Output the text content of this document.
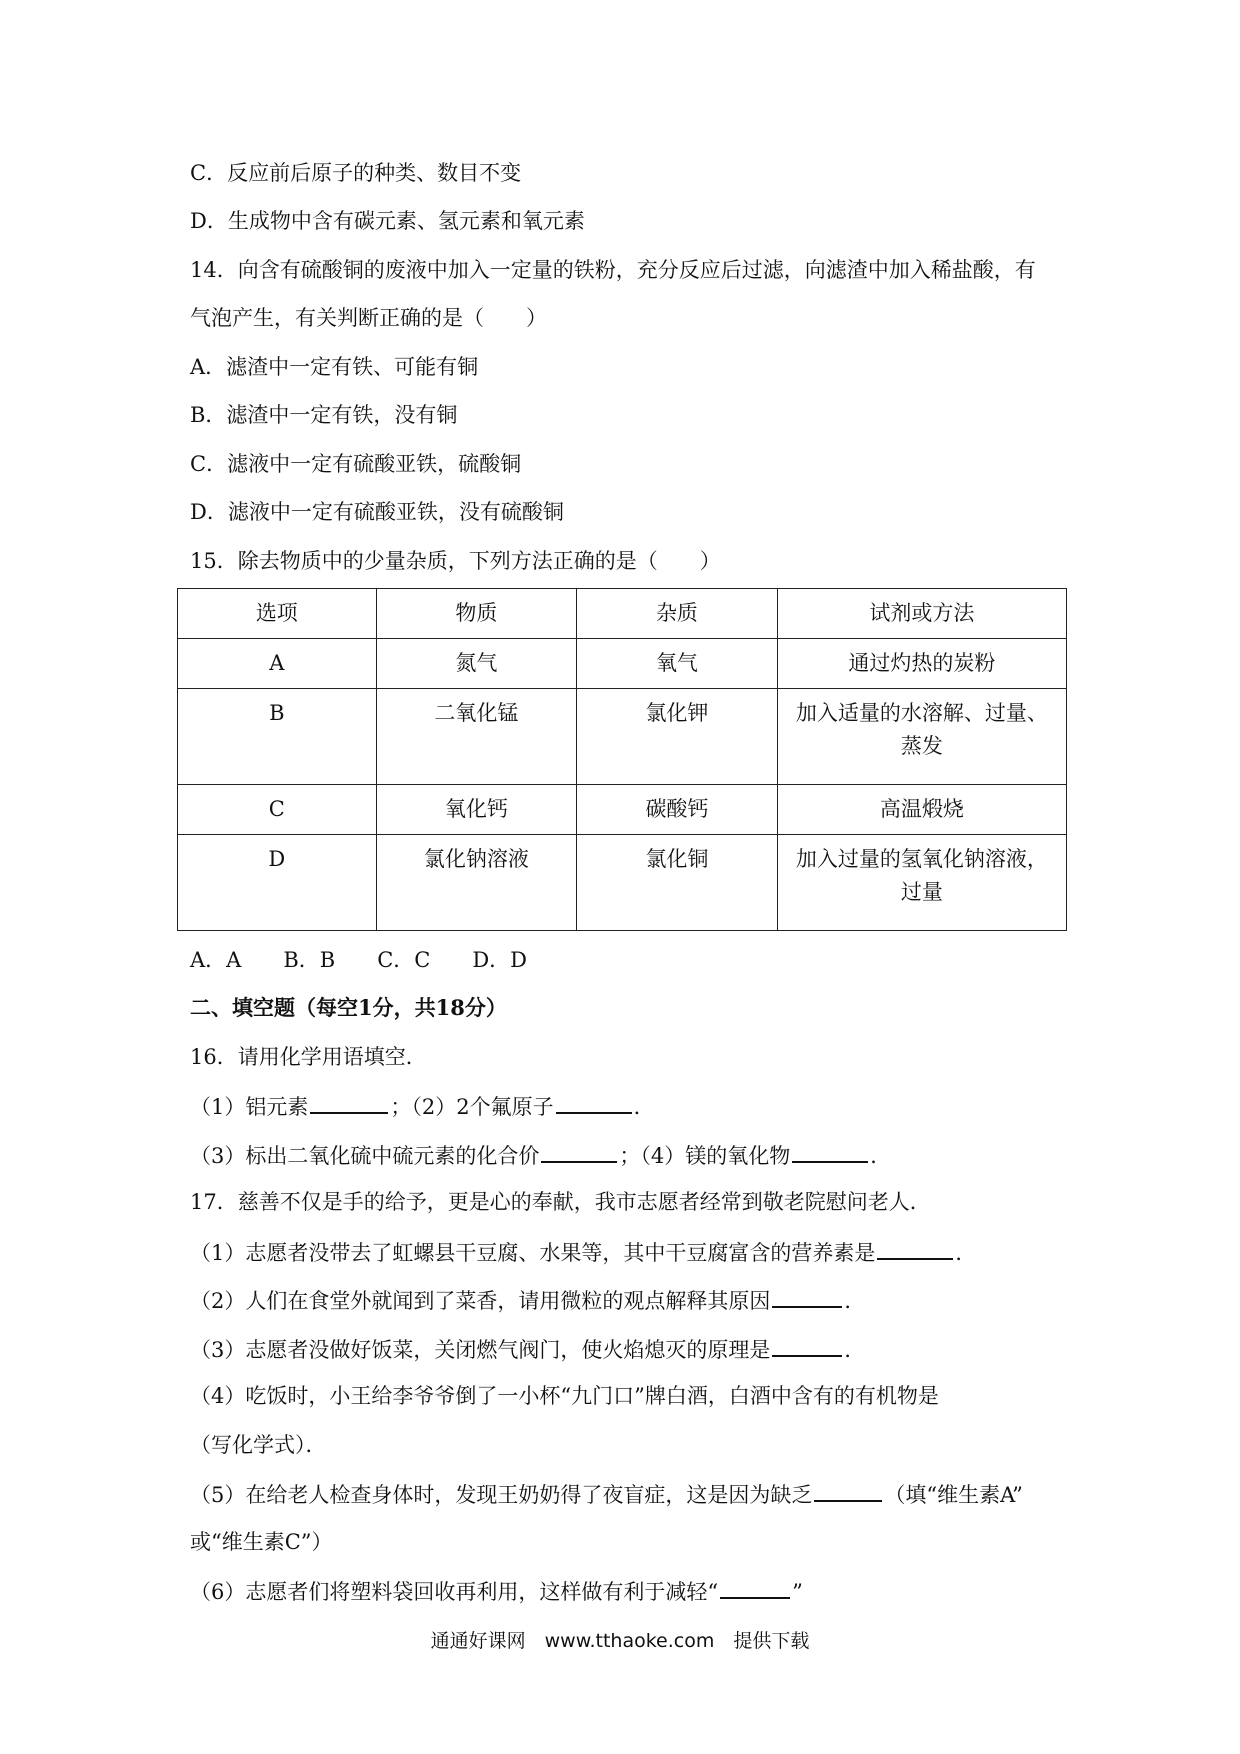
C．反应前后原子的种类、数目不变
D．生成物中含有碳元素、氢元素和氧元素
14．向含有硫酸铜的废液中加入一定量的铁粉，充分反应后过滤，向滤渣中加入稀盐酸，有
气泡产生，有关判断正确的是（　　）
A．滤渣中一定有铁、可能有铜
B．滤渣中一定有铁，没有铜
C．滤液中一定有硫酸亚铁，硫酸铜
D．滤液中一定有硫酸亚铁，没有硫酸铜
15．除去物质中的少量杂质，下列方法正确的是（　　）
选项	物质	杂质	试剂或方法
A	氮气	氧气	通过灼热的炭粉
B	二氧化锰	氯化钾	加入适量的水溶解、过量、蒸发
C	氧化钙	碳酸钙	高温煅烧
D	氯化钠溶液	氯化铜	加入过量的氢氧化钠溶液，过量
A．A　　B．B　　C．C　　D．D
二、填空题（每空1分，共18分）
16．请用化学用语填空．
（1）铝元素	；（2）2个氟原子	．
（3）标出二氧化硫中硫元素的化合价	；（4）镁的氧化物	．
17．慈善不仅是手的给予，更是心的奉献，我市志愿者经常到敬老院慰问老人．
（1）志愿者没带去了虹螺县干豆腐、水果等，其中干豆腐富含的营养素是	．
（2）人们在食堂外就闻到了菜香，请用微粒的观点解释其原因	．
（3）志愿者没做好饭菜，关闭燃气阀门，使火焰熄灭的原理是	．
（4）吃饭时，小王给李爷爷倒了一小杯“九门口”牌白酒，白酒中含有的有机物是
（写化学式）．
（5）在给老人检查身体时，发现王奶奶得了夜盲症，这是因为缺乏	（填“维生素A”
或“维生素C”）
（6）志愿者们将塑料袋回收再利用，这样做有利于减轻“	”
通通好课网　www.tthaoke.com　提供下载
